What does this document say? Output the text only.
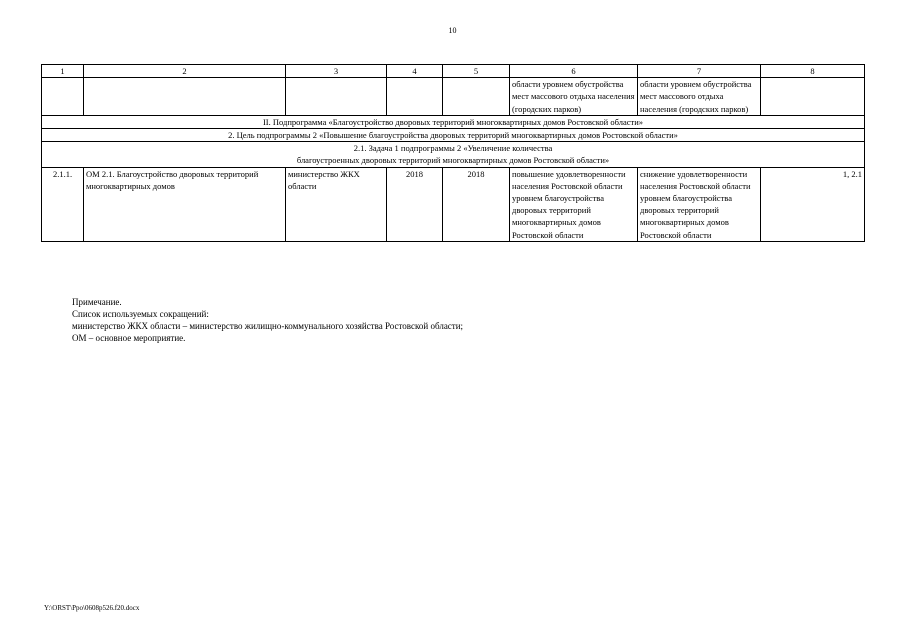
10
1	2	3	4	5	6	7	8
					области уровнем обустройства мест массового отдыха населения (городских парков)	области уровнем обустройства мест массового отдыха населения (городских парков)	
II. Подпрограмма «Благоустройство дворовых территорий многоквартирных домов Ростовской области»							
2. Цель подпрограммы 2 «Повышение благоустройства дворовых территорий многоквартирных домов Ростовской области»							

2.1. Задача 1 подпрограммы 2 «Увеличение количества
благоустроенных дворовых территорий многоквартирных домов Ростовской области»							

2.1.1.	ОМ 2.1. Благоустройство дворовых территорий многоквартирных домов	министерство ЖКХ области	2018	2018	повышение удовлетворенности населения Ростовской области уровнем благоустройства дворовых территорий многоквартирных домов Ростовской области	снижение удовлетворенности населения Ростовской области уровнем благоустройства дворовых территорий многоквартирных домов Ростовской области	1, 2.1
Примечание.
Список используемых сокращений:
министерство ЖКХ области – министерство жилищно-коммунального хозяйства Ростовской области;
ОМ – основное мероприятие.
Y:\ORST\Ppo\0608p526.f20.docx
